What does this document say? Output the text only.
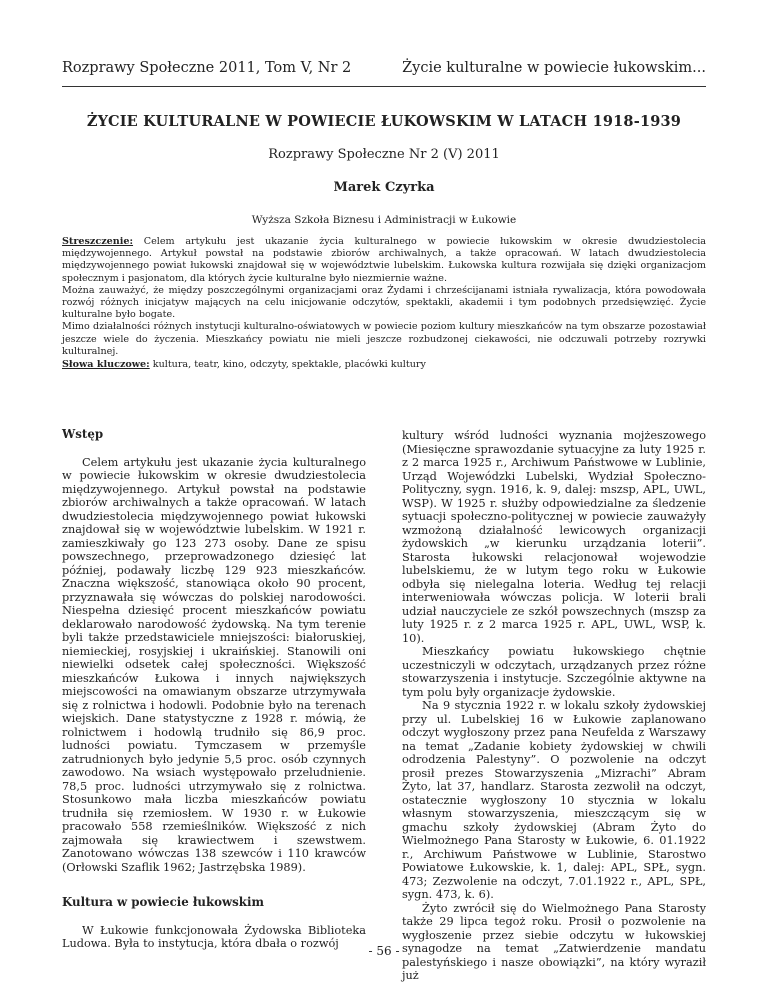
Rozprawy Społeczne 2011, Tom V, Nr 2	Życie kulturalne w powiecie łukowskim...
ŻYCIE KULTURALNE W POWIECIE ŁUKOWSKIM W LATACH 1918-1939
Rozprawy Społeczne Nr 2 (V) 2011
Marek Czyrka
Wyższa Szkoła Biznesu i Administracji w Łukowie

Streszczenie: Celem artykułu jest ukazanie życia kulturalnego w powiecie łukowskim w okresie dwudziestolecia międzywojennego. Artykuł powstał na podstawie zbiorów archiwalnych, a także opracowań. W latach dwudziestolecia międzywojennego powiat łukowski znajdował się w województwie lubelskim. Łukowska kultura rozwijała się dzięki organizacjom społecznym i pasjonatom, dla których życie kulturalne było niezmiernie ważne.

Można zauważyć, że między poszczególnymi organizacjami oraz Żydami i chrześcijanami istniała rywalizacja, która powodowała rozwój różnych inicjatyw mających na celu inicjowanie odczytów, spektakli, akademii i tym podobnych przedsięwzięć. Życie kulturalne było bogate.

Mimo działalności różnych instytucji kulturalno-oświatowych w powiecie poziom kultury mieszkańców na tym obszarze pozostawiał jeszcze wiele do życzenia. Mieszkańcy powiatu nie mieli jeszcze rozbudzonej ciekawości, nie odczuwali potrzeby rozrywki kulturalnej.

Słowa kluczowe: kultura, teatr, kino, odczyty, spektakle, placówki kultury
Wstęp

Celem artykułu jest ukazanie życia kulturalnego w powiecie łukowskim w okresie dwudziestolecia międzywojennego. Artykuł powstał na podstawie zbiorów archiwalnych a także opracowań. W latach dwudziestolecia międzywojennego powiat łukowski znajdował się w województwie lubelskim. W 1921 r. zamieszkiwały go 123 273 osoby. Dane ze spisu powszechnego, przeprowadzonego dziesięć lat później, podawały liczbę 129 923 mieszkańców. Znaczna większość, stanowiąca około 90 procent, przyznawała się wówczas do polskiej narodowości. Niespełna dziesięć procent mieszkańców powiatu deklarowało narodowość żydowską. Na tym terenie byli także przedstawiciele mniejszości: białoruskiej, niemieckiej, rosyjskiej i ukraińskiej. Stanowili oni niewielki odsetek całej społeczności. Większość mieszkańców Łukowa i innych największych miejscowości na omawianym obszarze utrzymywała się z rolnictwa i hodowli. Podobnie było na terenach wiejskich. Dane statystyczne z 1928 r. mówią, że rolnictwem i hodowlą trudniło się 86,9 proc. ludności powiatu. Tymczasem w przemyśle zatrudnionych było jedynie 5,5 proc. osób czynnych zawodowo. Na wsiach występowało przeludnienie. 78,5 proc. ludności utrzymywało się z rolnictwa. Stosunkowo mała liczba mieszkańców powiatu trudniła się rzemiosłem. W 1930 r. w Łukowie pracowało 558 rzemieślników. Większość z nich zajmowała się krawiectwem i szewstwem. Zanotowano wówczas 138 szewców i 110 krawców (Orłowski Szaflik 1962; Jastrzębska 1989).

Kultura w powiecie łukowskim

W Łukowie funkcjonowała Żydowska Biblioteka Ludowa. Była to instytucja, która dbała o rozwój

kultury wśród ludności wyznania mojżeszowego (Miesięczne sprawozdanie sytuacyjne za luty 1925 r. z 2 marca 1925 r., Archiwum Państwowe w Lublinie, Urząd Wojewódzki Lubelski, Wydział Społeczno-Polityczny, sygn. 1916, k. 9, dalej: mszsp, APL, UWL, WSP). W 1925 r. służby odpowiedzialne za śledzenie sytuacji społeczno-politycznej w powiecie zauważyły wzmożoną działalność lewicowych organizacji żydowskich „w kierunku urządzania loterii”. Starosta łukowski relacjonował wojewodzie lubelskiemu, że w lutym tego roku w Łukowie odbyła się nielegalna loteria. Według tej relacji interweniowała wówczas policja. W loterii brali udział nauczyciele ze szkół powszechnych (mszsp za luty 1925 r. z 2 marca 1925 r. APL, UWL, WSP, k. 10).

Mieszkańcy powiatu łukowskiego chętnie uczestniczyli w odczytach, urządzanych przez różne stowarzyszenia i instytucje. Szczególnie aktywne na tym polu były organizacje żydowskie.

Na 9 stycznia 1922 r. w lokalu szkoły żydowskiej przy ul. Lubelskiej 16 w Łukowie zaplanowano odczyt wygłoszony przez pana Neufelda z Warszawy na temat „Zadanie kobiety żydowskiej w chwili odrodzenia Palestyny”. O pozwolenie na odczyt prosił prezes Stowarzyszenia „Mizrachi” Abram Żyto, lat 37, handlarz. Starosta zezwolił na odczyt, ostatecznie wygłoszony 10 stycznia w lokalu własnym stowarzyszenia, mieszczącym się w gmachu szkoły żydowskiej (Abram Żyto do Wielmożnego Pana Starosty w Łukowie, 6. 01.1922 r., Archiwum Państwowe w Lublinie, Starostwo Powiatowe Łukowskie, k. 1, dalej: APL, SPŁ, sygn. 473; Zezwolenie na odczyt, 7.01.1922 r., APL, SPŁ, sygn. 473, k. 6).

Żyto zwrócił się do Wielmożnego Pana Starosty także 29 lipca tegoż roku. Prosił o pozwolenie na wygłoszenie przez siebie odczytu w łukowskiej synagodze na temat „Zatwierdzenie mandatu palestyńskiego i nasze obowiązki”, na który wyraził już

- 56 -
